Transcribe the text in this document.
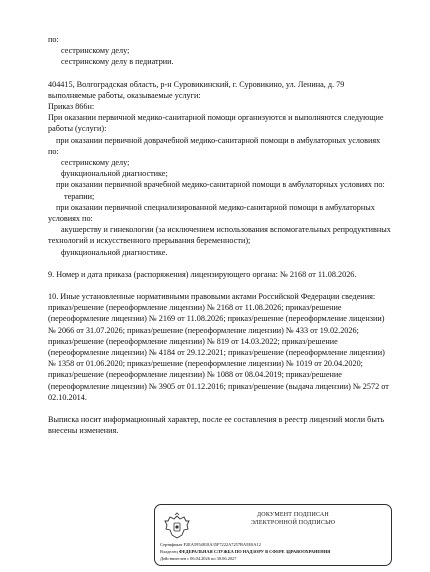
по:
сестринскому делу;
сестринскому делу в педиатрии.
404415, Волгоградская область, р-н Суровикинский, г. Суровикино, ул. Ленина, д. 79
выполняемые работы, оказываемые услуги:
Приказ 866н:
При оказании первичной медико-санитарной помощи организуются и выполняются следующие
работы (услуги):
при оказании первичной доврачебной медико-санитарной помощи в амбулаторных условиях
по:
сестринскому делу;
функциональной диагностике;
при оказании первичной врачебной медико-санитарной помощи в амбулаторных условиях по:
терапии;
при оказании первичной специализированной медико-санитарной помощи в амбулаторных
условиях по:
акушерству и гинекологии (за исключением использования вспомогательных репродуктивных
технологий и искусственного прерывания беременности);
функциональной диагностике.
9. Номер и дата приказа (распоряжения) лицензирующего органа: № 2168 от 11.08.2026.
10. Иные установленные нормативными правовыми актами Российской Федерации сведения:
приказ/решение (переоформление лицензии) № 2168 от 11.08.2026; приказ/решение
(переоформление лицензии) № 2169 от 11.08.2026; приказ/решение (переоформление лицензии)
№ 2066 от 31.07.2026; приказ/решение (переоформление лицензии) № 433 от 19.02.2026;
приказ/решение (переоформление лицензии) № 819 от 14.03.2022; приказ/решение
(переоформление лицензии) № 4184 от 29.12.2021; приказ/решение (переоформление лицензии)
№ 1358 от 01.06.2020; приказ/решение (переоформление лицензии) № 1019 от 20.04.2020;
приказ/решение (переоформление лицензии) № 1088 от 08.04.2019; приказ/решение
(переоформление лицензии) № 3905 от 01.12.2016; приказ/решение (выдача лицензии) № 2572 от
02.10.2014.
Выписка носит информационный характер, после ее составления в реестр лицензий могли быть
внесены изменения.
ДОКУМЕНТ ПОДПИСАН
ЭЛЕКТРОННОЙ ПОДПИСЬЮ
Сертификат F2EA5954818A35F7222A7257BA5E0A12
Владелец ФЕДЕРАЛЬНАЯ СЛУЖБА ПО НАДЗОРУ В СФЕРЕ ЗДРАВООХРАНЕНИЯ
Действителен с 06.04.2026 по 30.06.2027
